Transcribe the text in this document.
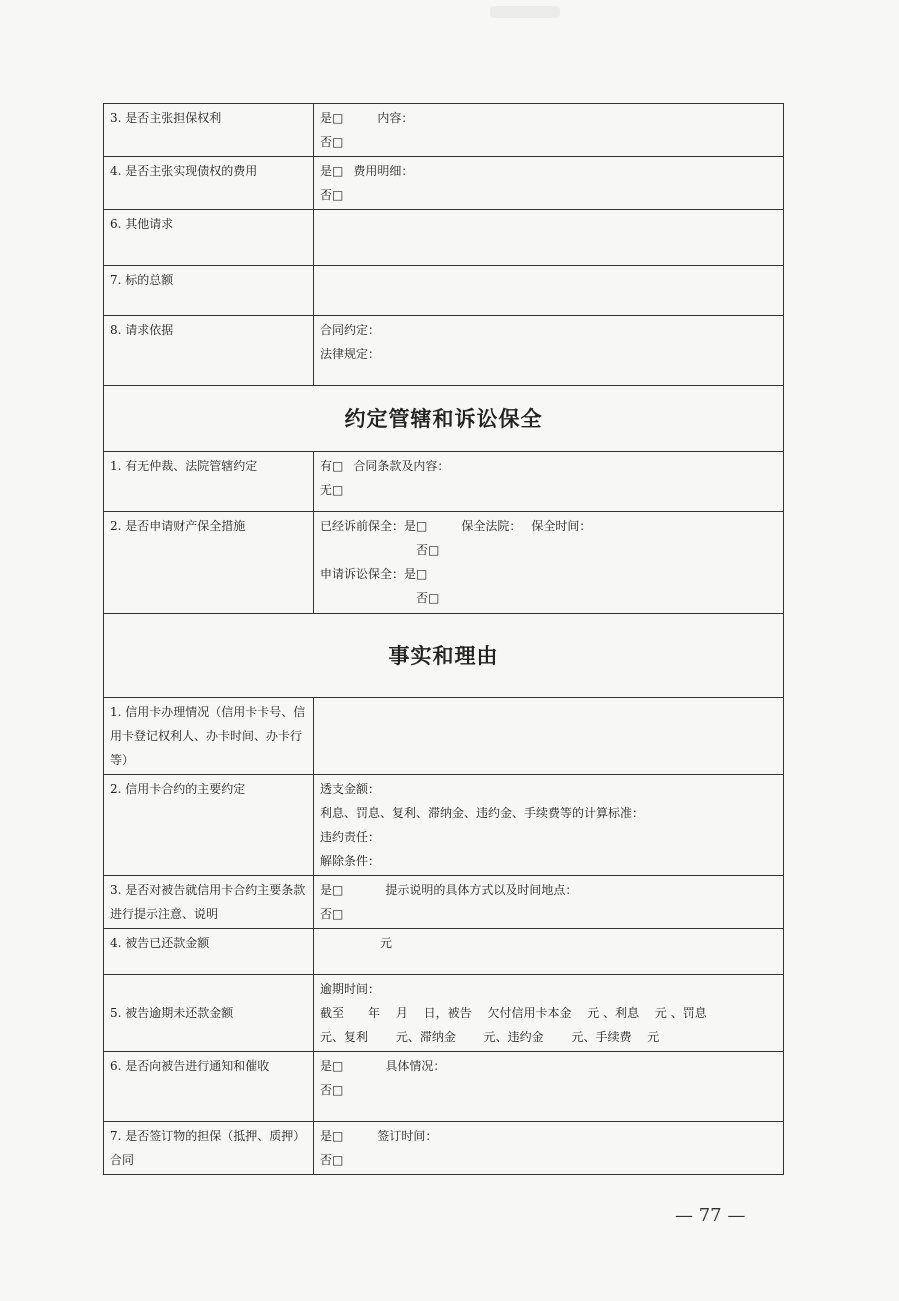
3. 是否主张担保权利	是□ 内容：
否□

4. 是否主张实现债权的费用	是□ 费用明细：
否□

6. 其他请求	
7. 标的总额	
8. 请求依据	合同约定：
法律规定：

约定管辖和诉讼保全	
1. 有无仲裁、法院管辖约定	有□ 合同条款及内容：
无□

2. 是否申请财产保全措施	已经诉前保全：是□ 保全法院： 保全时间：
否□
申请诉讼保全：是□
否□

事实和理由	
1. 信用卡办理情况（信用卡卡号、信用卡登记权利人、办卡时间、办卡行等）	
2. 信用卡合约的主要约定	透支金额：
利息、罚息、复利、滞纳金、违约金、手续费等的计算标准：
违约责任：
解除条件：

3. 是否对被告就信用卡合约主要条款进行提示注意、说明	是□ 提示说明的具体方式以及时间地点：
否□

4. 被告已还款金额	元

5. 被告逾期未还款金额	逾期时间：
截至　　年　 月　 日，被告　 欠付信用卡本金　 元 、利息　 元 、罚息
元、复利　　 元、滞纳金　　 元、违约金　　 元、手续费　 元

6. 是否向被告进行通知和催收	是□ 具体情况：
否□

7. 是否签订物的担保（抵押、质押）合同	是□ 签订时间：
否□
— 77 —
